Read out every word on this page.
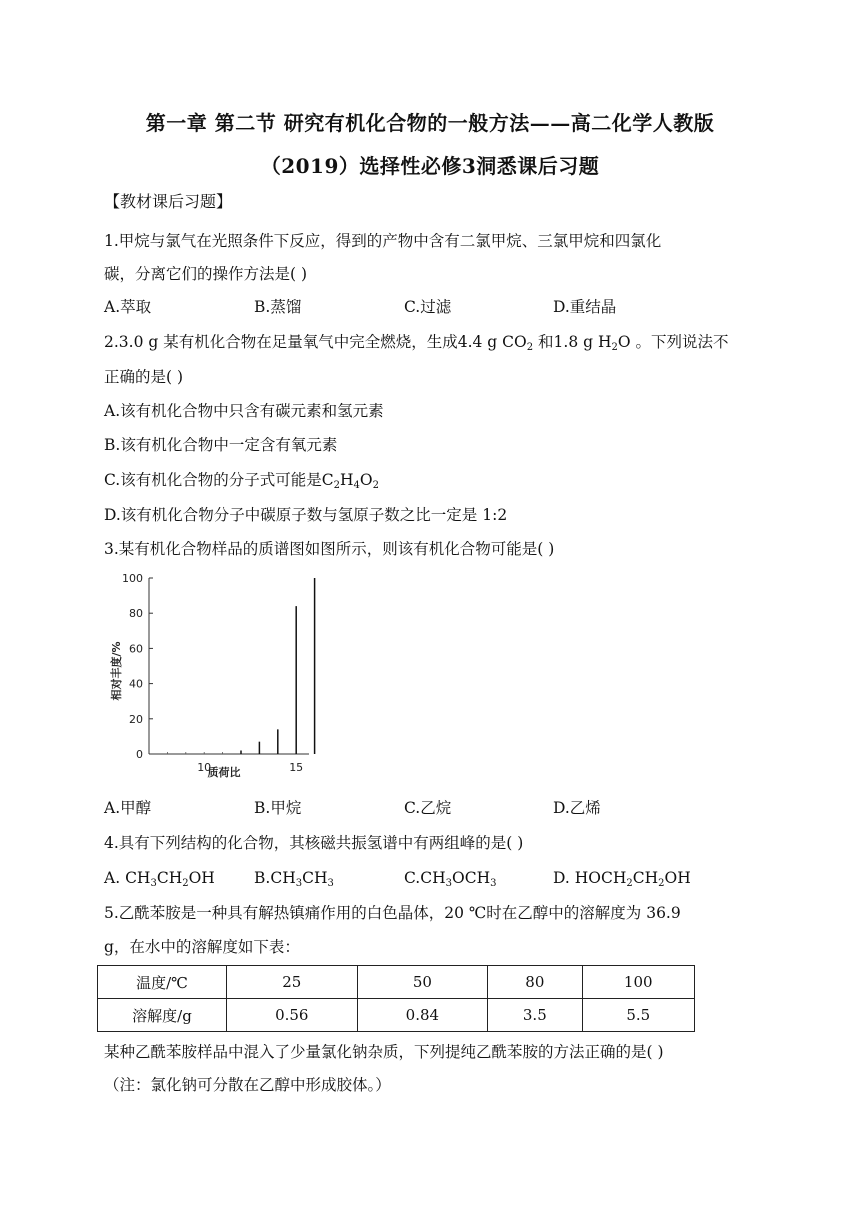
第一章 第二节 研究有机化合物的一般方法——高二化学人教版
（2019）选择性必修3洞悉课后习题
【教材课后习题】
1.甲烷与氯气在光照条件下反应，得到的产物中含有二氯甲烷、三氯甲烷和四氯化
碳，分离它们的操作方法是( )
A.萃取	B.蒸馏	C.过滤	D.重结晶
2.3.0 g 某有机化合物在足量氧气中完全燃烧，生成4.4 g $CO_2$ 和1.8 g $H_2O$ 。下列说法不
正确的是( )
A.该有机化合物中只含有碳元素和氢元素
B.该有机化合物中一定含有氧元素
C.该有机化合物的分子式可能是$C_2H_4O_2$
D.该有机化合物分子中碳原子数与氢原子数之比一定是 1:2
3.某有机化合物样品的质谱图如图所示，则该有机化合物可能是( )
0
20
40
60
80
100
10	15
质荷比
相对丰度/%
A.甲醇	B.甲烷	C.乙烷	D.乙烯
4.具有下列结构的化合物，其核磁共振氢谱中有两组峰的是( )
A. $CH_3CH_2OH$	$B.CH_3CH_3$	$C.CH_3OCH_3$	D. $HOCH_2CH_2OH$
5.乙酰苯胺是一种具有解热镇痛作用的白色晶体，20 ℃时在乙醇中的溶解度为 36.9
g，在水中的溶解度如下表：
温度/℃	25	50	80	100
溶解度/g	0.56	0.84	3.5	5.5
某种乙酰苯胺样品中混入了少量氯化钠杂质，下列提纯乙酰苯胺的方法正确的是( )
（注：氯化钠可分散在乙醇中形成胶体。）
